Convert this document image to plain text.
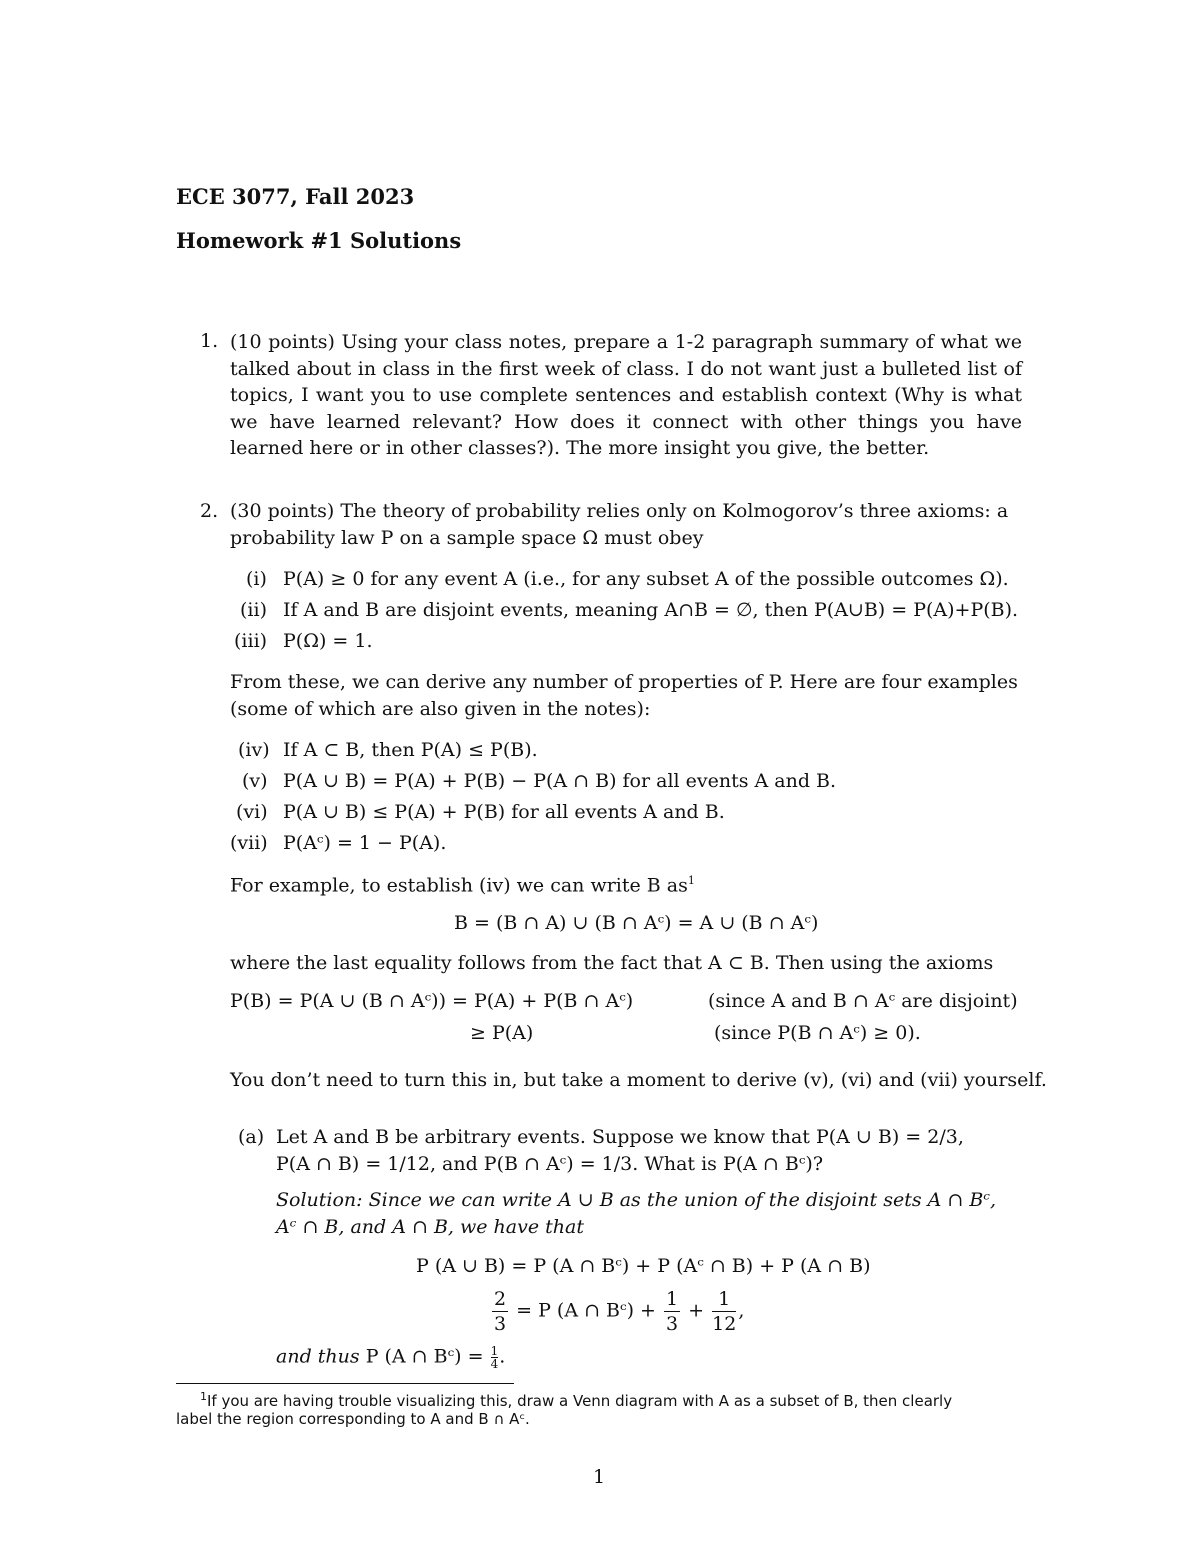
ECE 3077, Fall 2023
Homework #1 Solutions
1. (10 points) Using your class notes, prepare a 1-2 paragraph summary of what we talked about in class in the first week of class. I do not want just a bulleted list of topics, I want you to use complete sentences and establish context (Why is what we have learned relevant? How does it connect with other things you have learned here or in other classes?). The more insight you give, the better.
2. (30 points) The theory of probability relies only on Kolmogorov’s three axioms: a
probability law P on a sample space Ω must obey
(i) P(A) ≥ 0 for any event A (i.e., for any subset A of the possible outcomes Ω).
(ii) If A and B are disjoint events, meaning A∩B = ∅, then P(A∪B) = P(A)+P(B).
(iii) P(Ω) = 1.
From these, we can derive any number of properties of P. Here are four examples
(some of which are also given in the notes):
(iv) If A ⊂ B, then P(A) ≤ P(B).
(v) P(A ∪ B) = P(A) + P(B) − P(A ∩ B) for all events A and B.
(vi) P(A ∪ B) ≤ P(A) + P(B) for all events A and B.
(vii) P(Aᶜ) = 1 − P(A).
For example, to establish (iv) we can write B $as^1$
B = (B ∩ A) ∪ (B ∩ Aᶜ) = A ∪ (B ∩ Aᶜ)
where the last equality follows from the fact that A ⊂ B. Then using the axioms
P(B) = P(A ∪ (B ∩ Aᶜ)) = P(A) + P(B ∩ Aᶜ)	(since A and B ∩ Aᶜ are disjoint)
≥ P(A)	(since P(B ∩ Aᶜ) ≥ 0).
You don’t need to turn this in, but take a moment to derive (v), (vi) and (vii) yourself.
(a) Let A and B be arbitrary events. Suppose we know that P(A ∪ B) = 2/3,
P(A ∩ B) = 1/12, and P(B ∩ Aᶜ) = 1/3. What is P(A ∩ Bᶜ)?
Solution: Since we can write A ∪ B as the union of the disjoint sets A ∩ Bᶜ,
Aᶜ ∩ B, and A ∩ B, we have that
P (A ∪ B) = P (A ∩ Bᶜ) + P (Aᶜ ∩ B) + P (A ∩ B)
$\frac{2}{3} = P$ (A ∩ Bᶜ) + $\frac{1}{3} + \frac{1}{12}$ ,
and thus P (A ∩ Bᶜ) = $\frac{1}{4}$ .
$^1$If you are having trouble visualizing this, draw a Venn diagram with A as a subset of B, then clearly
label the region corresponding to A and B ∩ Aᶜ.
1
